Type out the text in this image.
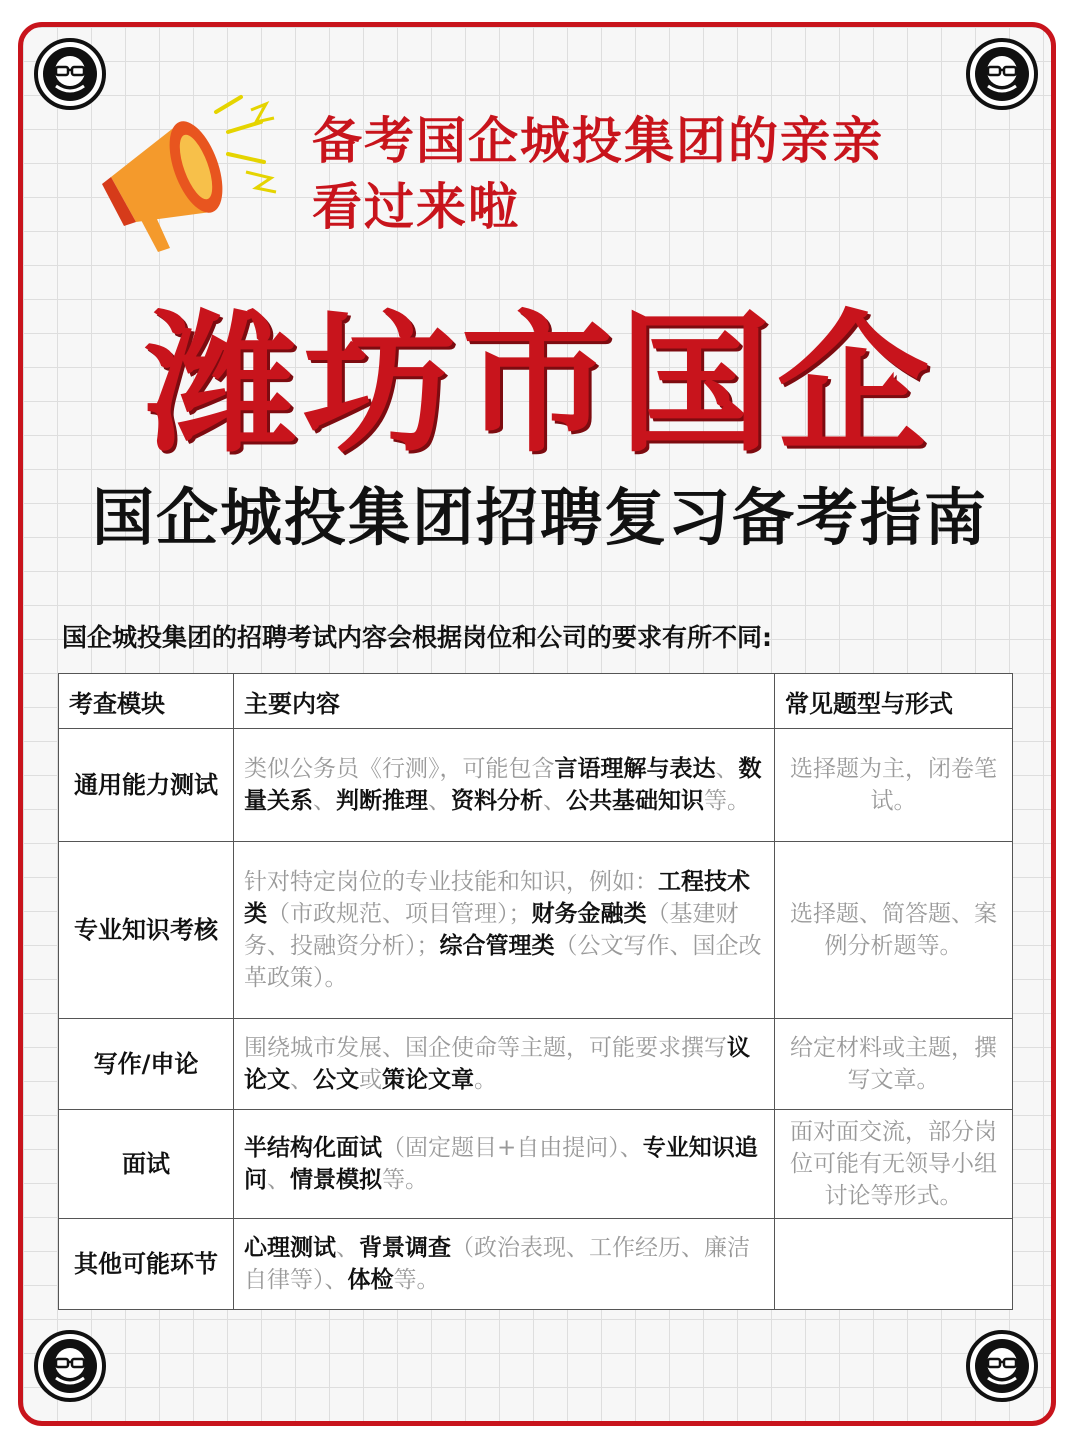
备考国企城投集团的亲亲
看过来啦
潍坊市国企
国企城投集团招聘复习备考指南

国企城投集团的招聘考试内容会根据岗位和公司的要求有所不同:

考查模块	主要内容	常见题型与形式
通用能力测试	类似公务员《行测》，可能包含言语理解与表达、数量关系、判断推理、资料分析、公共基础知识等。	选择题为主，闭卷笔试。
专业知识考核	针对特定岗位的专业技能和知识，例如：工程技术类（市政规范、项目管理）；财务金融类（基建财务、投融资分析）；综合管理类（公文写作、国企改革政策）。	选择题、简答题、案例分析题等。
写作/申论	围绕城市发展、国企使命等主题，可能要求撰写议论文、公文或策论文章。	给定材料或主题，撰写文章。
面试	半结构化面试（固定题目+自由提问）、专业知识追问、情景模拟等。	面对面交流，部分岗位可能有无领导小组讨论等形式。
其他可能环节	心理测试、背景调查（政治表现、工作经历、廉洁自律等）、体检等。	
